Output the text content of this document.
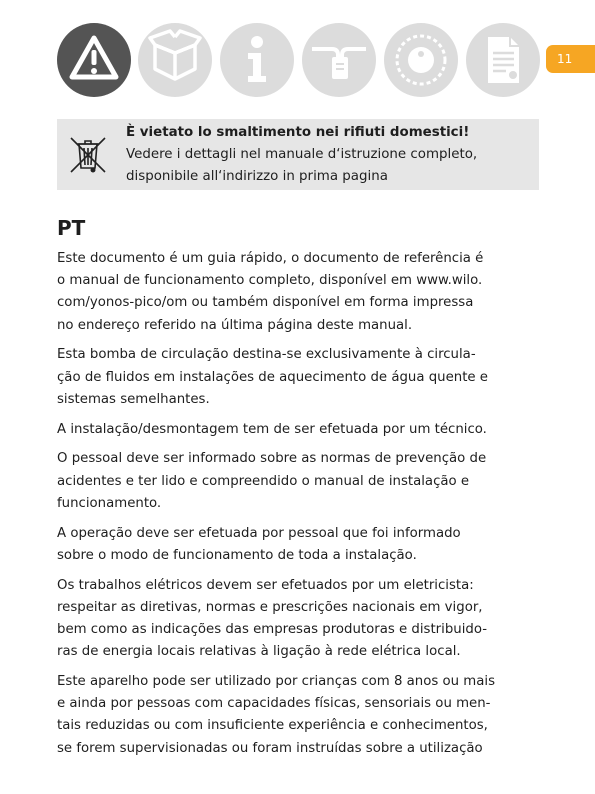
11
È vietato lo smaltimento nei rifiuti domestici!
Vedere i dettagli nel manuale d‘istruzione completo,
disponibile all‘indirizzo in prima pagina
PT

Este documento é um guia rápido, o documento de referência é
o manual de funcionamento completo, disponível em www.wilo.
com/yonos-pico/om ou também disponível em forma impressa
no endereço referido na última página deste manual.

Esta bomba de circulação destina-se exclusivamente à circula-
ção de fluidos em instalações de aquecimento de água quente e
sistemas semelhantes.

A instalação/desmontagem tem de ser efetuada por um técnico.

O pessoal deve ser informado sobre as normas de prevenção de
acidentes e ter lido e compreendido o manual de instalação e
funcionamento.

A operação deve ser efetuada por pessoal que foi informado
sobre o modo de funcionamento de toda a instalação.

Os trabalhos elétricos devem ser efetuados por um eletricista:
respeitar as diretivas, normas e prescrições nacionais em vigor,
bem como as indicações das empresas produtoras e distribuido-
ras de energia locais relativas à ligação à rede elétrica local.

Este aparelho pode ser utilizado por crianças com 8 anos ou mais
e ainda por pessoas com capacidades físicas, sensoriais ou men-
tais reduzidas ou com insuficiente experiência e conhecimentos,
se forem supervisionadas ou foram instruídas sobre a utilização
